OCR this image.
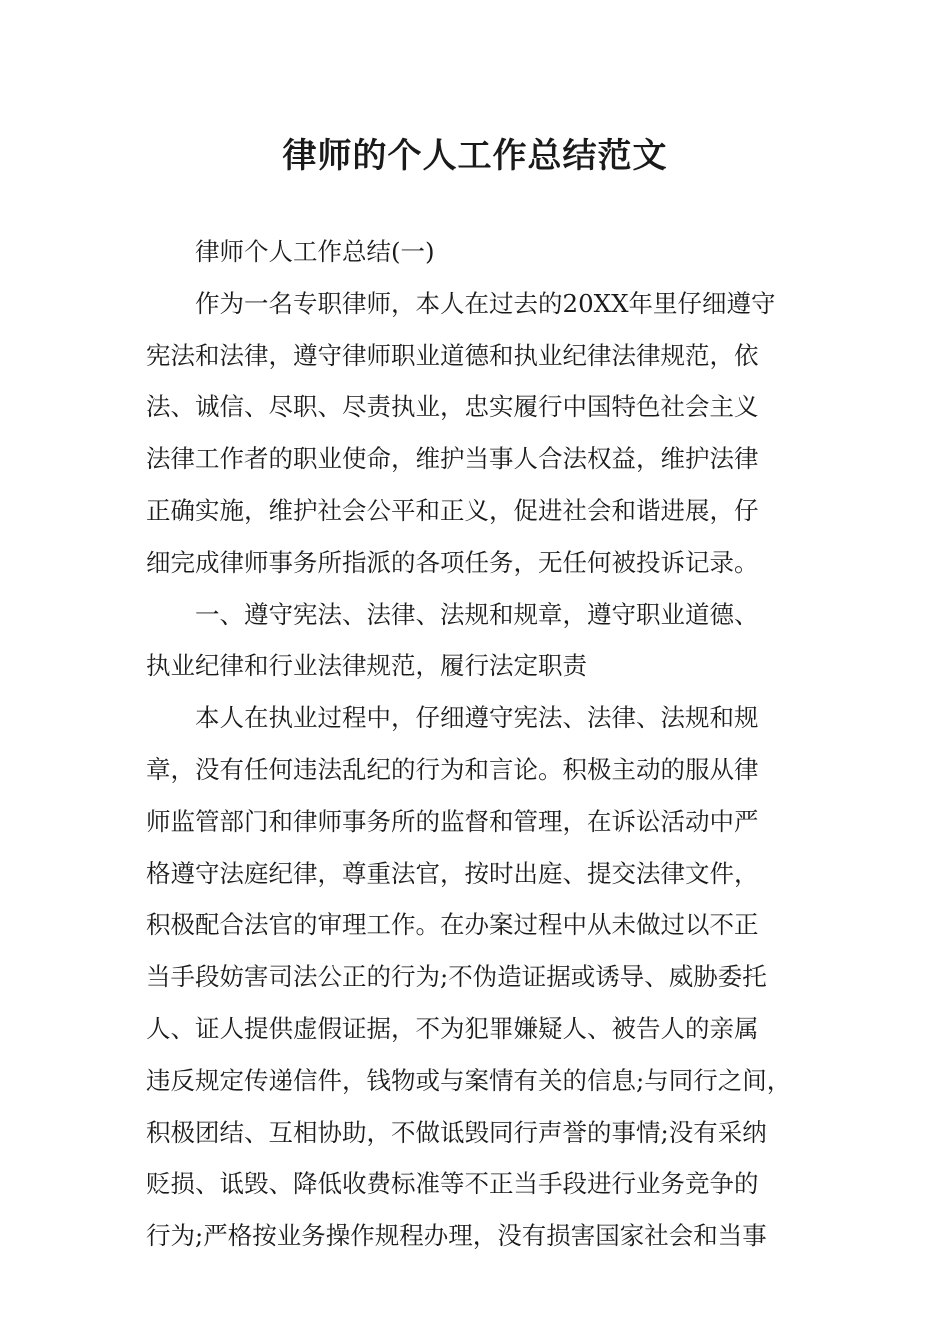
律师的个人工作总结范文
律师个人工作总结(一)
作为一名专职律师，本人在过去的20XX年里仔细遵守
宪法和法律，遵守律师职业道德和执业纪律法律规范，依
法、诚信、尽职、尽责执业，忠实履行中国特色社会主义
法律工作者的职业使命，维护当事人合法权益，维护法律
正确实施，维护社会公平和正义，促进社会和谐进展，仔
细完成律师事务所指派的各项任务，无任何被投诉记录。
一、遵守宪法、法律、法规和规章，遵守职业道德、
执业纪律和行业法律规范，履行法定职责
本人在执业过程中，仔细遵守宪法、法律、法规和规
章，没有任何违法乱纪的行为和言论。积极主动的服从律
师监管部门和律师事务所的监督和管理，在诉讼活动中严
格遵守法庭纪律，尊重法官，按时出庭、提交法律文件，
积极配合法官的审理工作。在办案过程中从未做过以不正
当手段妨害司法公正的行为;不伪造证据或诱导、威胁委托
人、证人提供虚假证据，不为犯罪嫌疑人、被告人的亲属
违反规定传递信件，钱物或与案情有关的信息;与同行之间，
积极团结、互相协助，不做诋毁同行声誉的事情;没有采纳
贬损、诋毁、降低收费标准等不正当手段进行业务竞争的
行为;严格按业务操作规程办理，没有损害国家社会和当事
